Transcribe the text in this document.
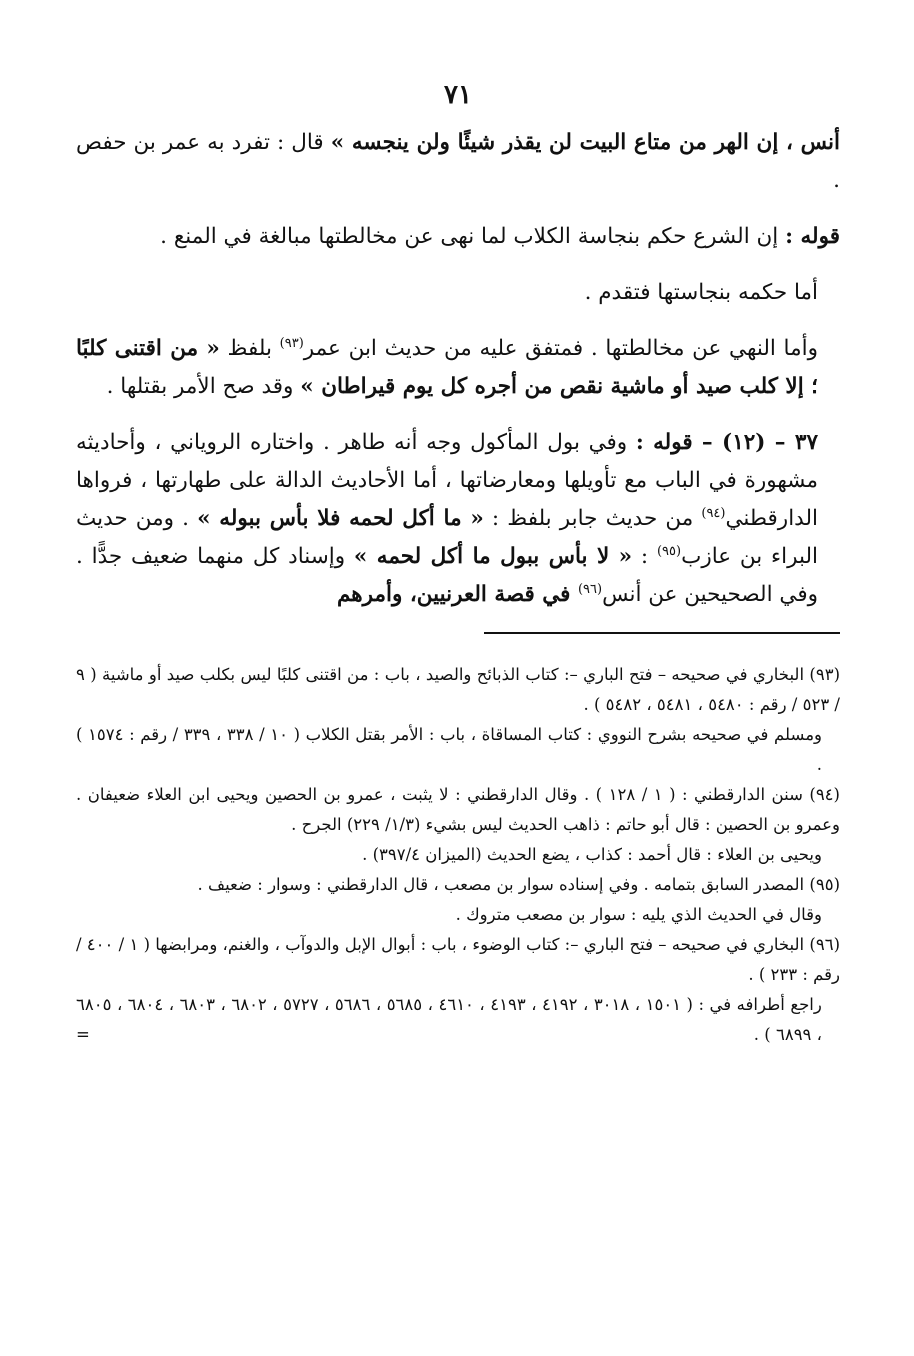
٧١

أنس ، إن الهر من متاع البيت لن يقذر شيئًا ولن ينجسه » قال : تفرد به عمر بن حفص .

قوله : إن الشرع حكم بنجاسة الكلاب لما نهى عن مخالطتها مبالغة في المنع .

أما حكمه بنجاستها فتقدم .

وأما النهي عن مخالطتها . فمتفق عليه من حديث ابن عمر$^{(٩٣)}$ بلفظ « من اقتنى كلبًا ؛ إلا كلب صيد أو ماشية نقص من أجره كل يوم قيراطان » وقد صح الأمر بقتلها .

٣٧ – (١٢) – قوله : وفي بول المأكول وجه أنه طاهر . واختاره الروياني ، وأحاديثه مشهورة في الباب مع تأويلها ومعارضاتها ، أما الأحاديث الدالة على طهارتها ، فرواها الدارقطني$^{(٩٤)}$ من حديث جابر بلفظ : « ما أكل لحمه فلا بأس ببوله » . ومن حديث البراء بن عازب$^{(٩٥)}$ : « لا بأس ببول ما أكل لحمه » وإسناد كل منهما ضعيف جدًّا . وفي الصحيحين عن أنس$^{(٩٦)}$ في قصة العرنيين، وأمرهم

(٩٣) البخاري في صحيحه – فتح الباري –: كتاب الذبائح والصيد ، باب : من اقتنى كلبًا ليس بكلب صيد أو ماشية ( ٩ / ٥٢٣ / رقم : ٥٤٨٠ ، ٥٤٨١ ، ٥٤٨٢ ) .
ومسلم في صحيحه بشرح النووي : كتاب المساقاة ، باب : الأمر بقتل الكلاب ( ١٠ / ٣٣٨ ، ٣٣٩ / رقم : ١٥٧٤ ) .
(٩٤) سنن الدارقطني : ( ١ / ١٢٨ ) . وقال الدارقطني : لا يثبت ، عمرو بن الحصين ويحيى ابن العلاء ضعيفان . وعمرو بن الحصين : قال أبو حاتم : ذاهب الحديث ليس بشيء (١/٣/ ٢٢٩) الجرح .
ويحيى بن العلاء : قال أحمد : كذاب ، يضع الحديث (الميزان ٣٩٧/٤) .
(٩٥) المصدر السابق بتمامه . وفي إسناده سوار بن مصعب ، قال الدارقطني : وسوار : ضعيف .
وقال في الحديث الذي يليه : سوار بن مصعب متروك .
(٩٦) البخاري في صحيحه – فتح الباري –: كتاب الوضوء ، باب : أبوال الإبل والدوآب ، والغنم، ومرابضها ( ١ / ٤٠٠ / رقم : ٢٣٣ ) .
راجع أطرافه في : ( ١٥٠١ ، ٣٠١٨ ، ٤١٩٢ ، ٤١٩٣ ، ٤٦١٠ ، ٥٦٨٥ ، ٥٦٨٦ ، ٥٧٢٧ ، ٦٨٠٢ ، ٦٨٠٣ ، ٦٨٠٤ ، ٦٨٠٥ ، ٦٨٩٩ ) .
=
